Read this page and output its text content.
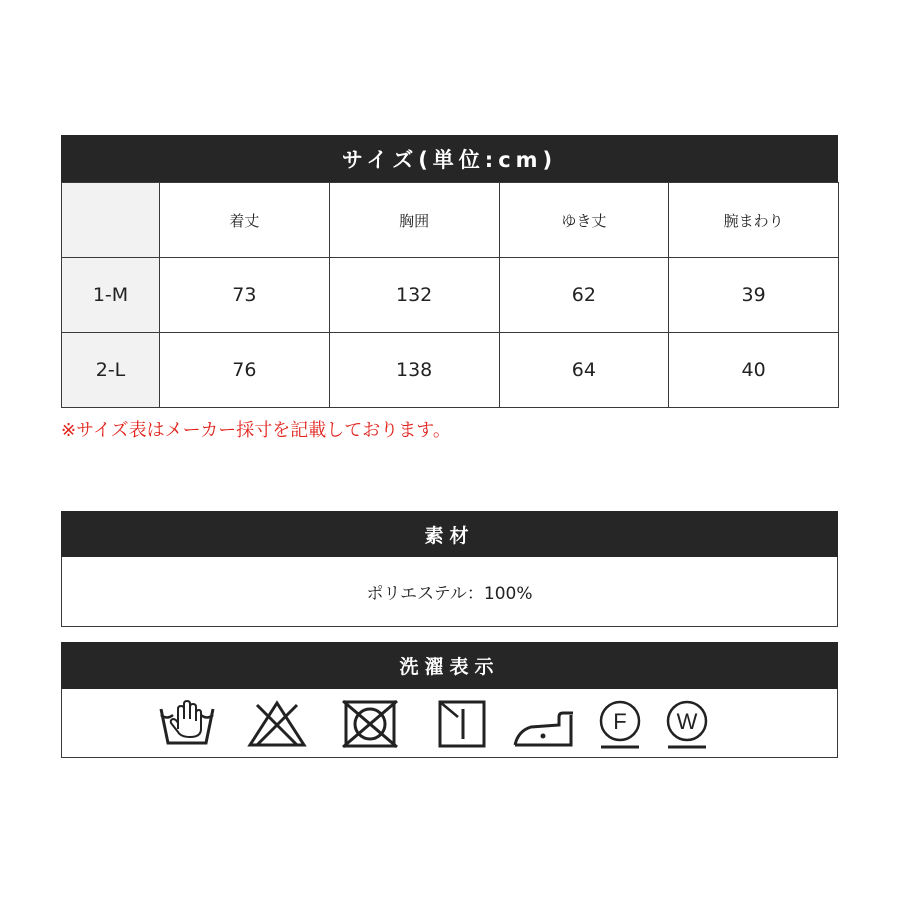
サイズ(単位:cm)
	着丈	胸囲	ゆき丈	腕まわり
1-M	73	132	62	39
2-L	76	138	64	40
※サイズ表はメーカー採寸を記載しております。
素材
ポリエステル：100%
洗濯表示
F W
